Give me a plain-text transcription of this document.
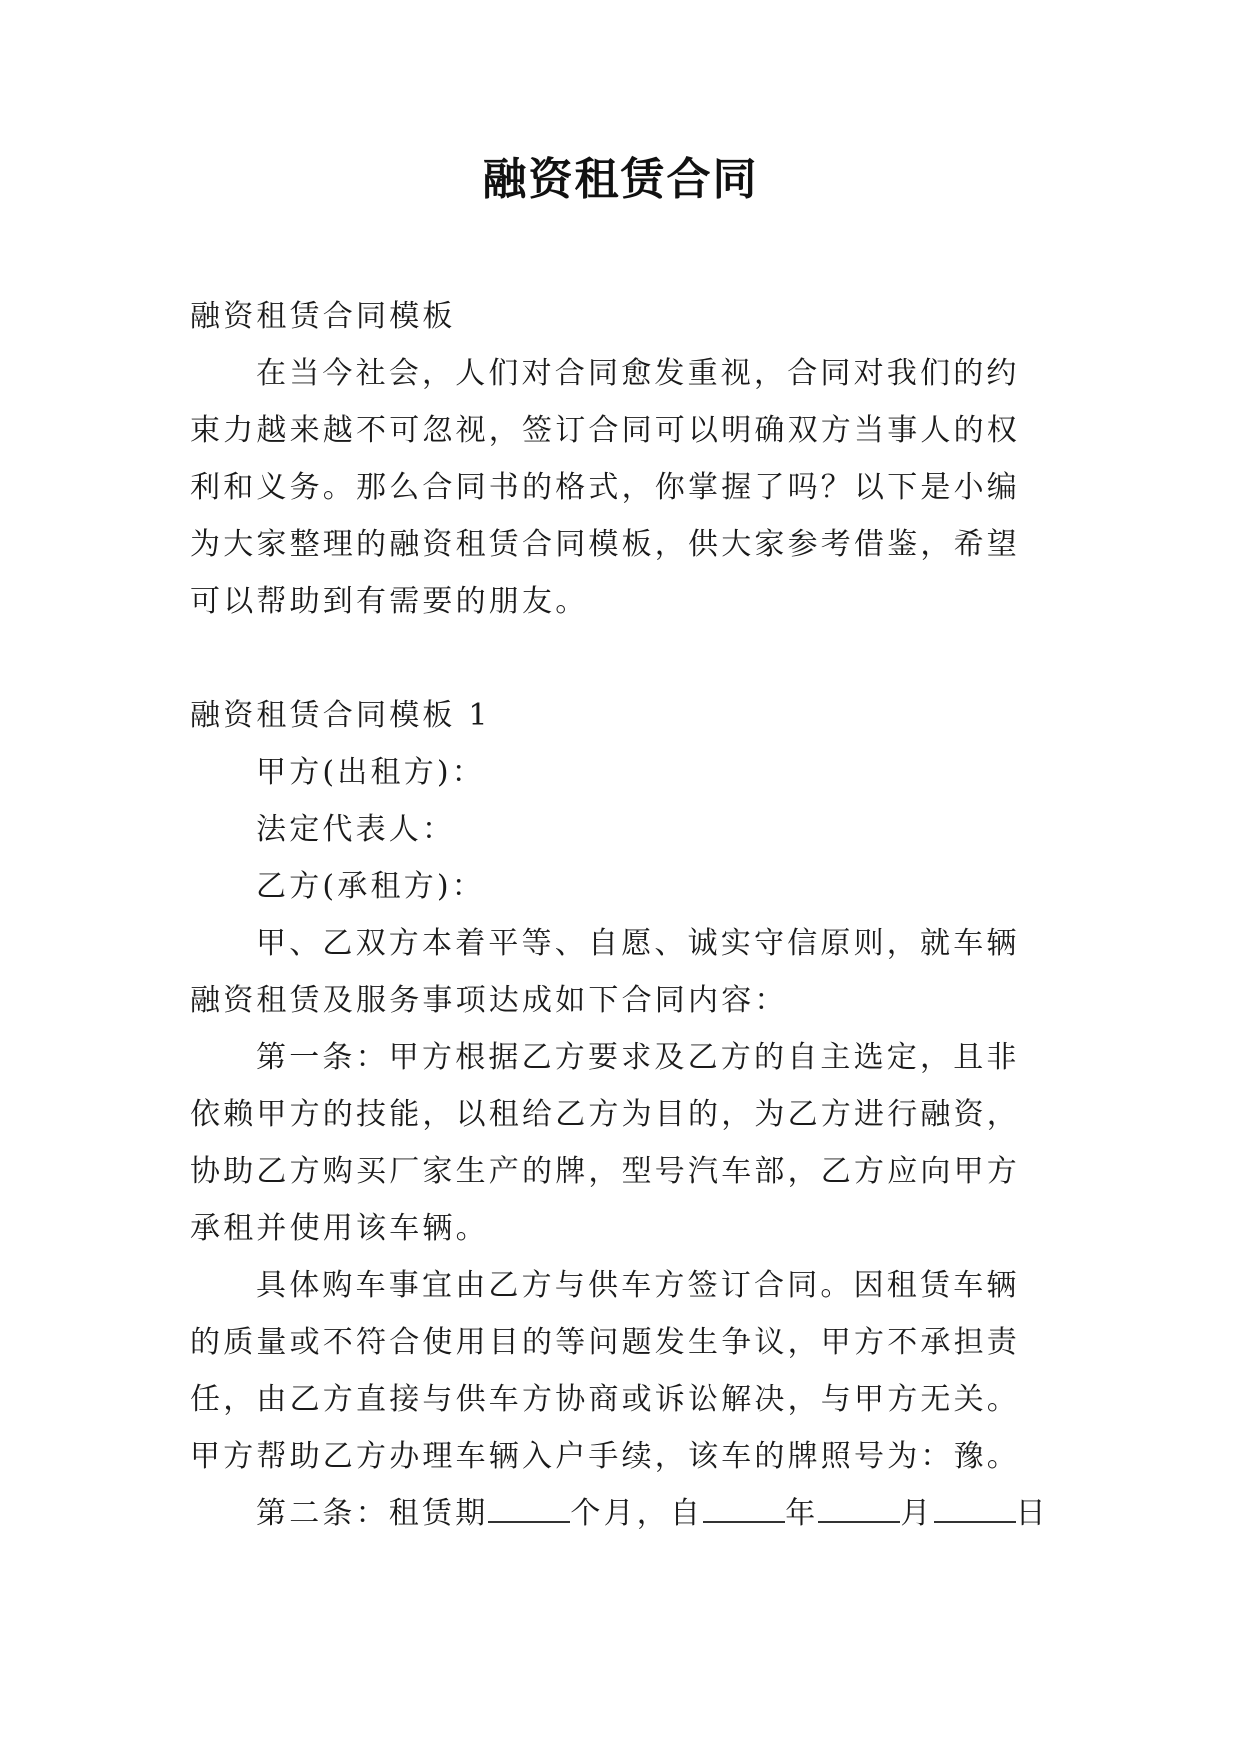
融资租赁合同

融资租赁合同模板

在当今社会，人们对合同愈发重视，合同对我们的约束力越来越不可忽视，签订合同可以明确双方当事人的权利和义务。那么合同书的格式，你掌握了吗？以下是小编为大家整理的融资租赁合同模板，供大家参考借鉴，希望可以帮助到有需要的朋友。

融资租赁合同模板 1

甲方(出租方)：

法定代表人：

乙方(承租方)：

甲、乙双方本着平等、自愿、诚实守信原则，就车辆融资租赁及服务事项达成如下合同内容：

第一条：甲方根据乙方要求及乙方的自主选定，且非依赖甲方的技能，以租给乙方为目的，为乙方进行融资，协助乙方购买厂家生产的牌，型号汽车部，乙方应向甲方承租并使用该车辆。

具体购车事宜由乙方与供车方签订合同。因租赁车辆的质量或不符合使用目的等问题发生争议，甲方不承担责任，由乙方直接与供车方协商或诉讼解决，与甲方无关。甲方帮助乙方办理车辆入户手续，该车的牌照号为：豫。

第二条：租赁期	个月，自	年	月	日
